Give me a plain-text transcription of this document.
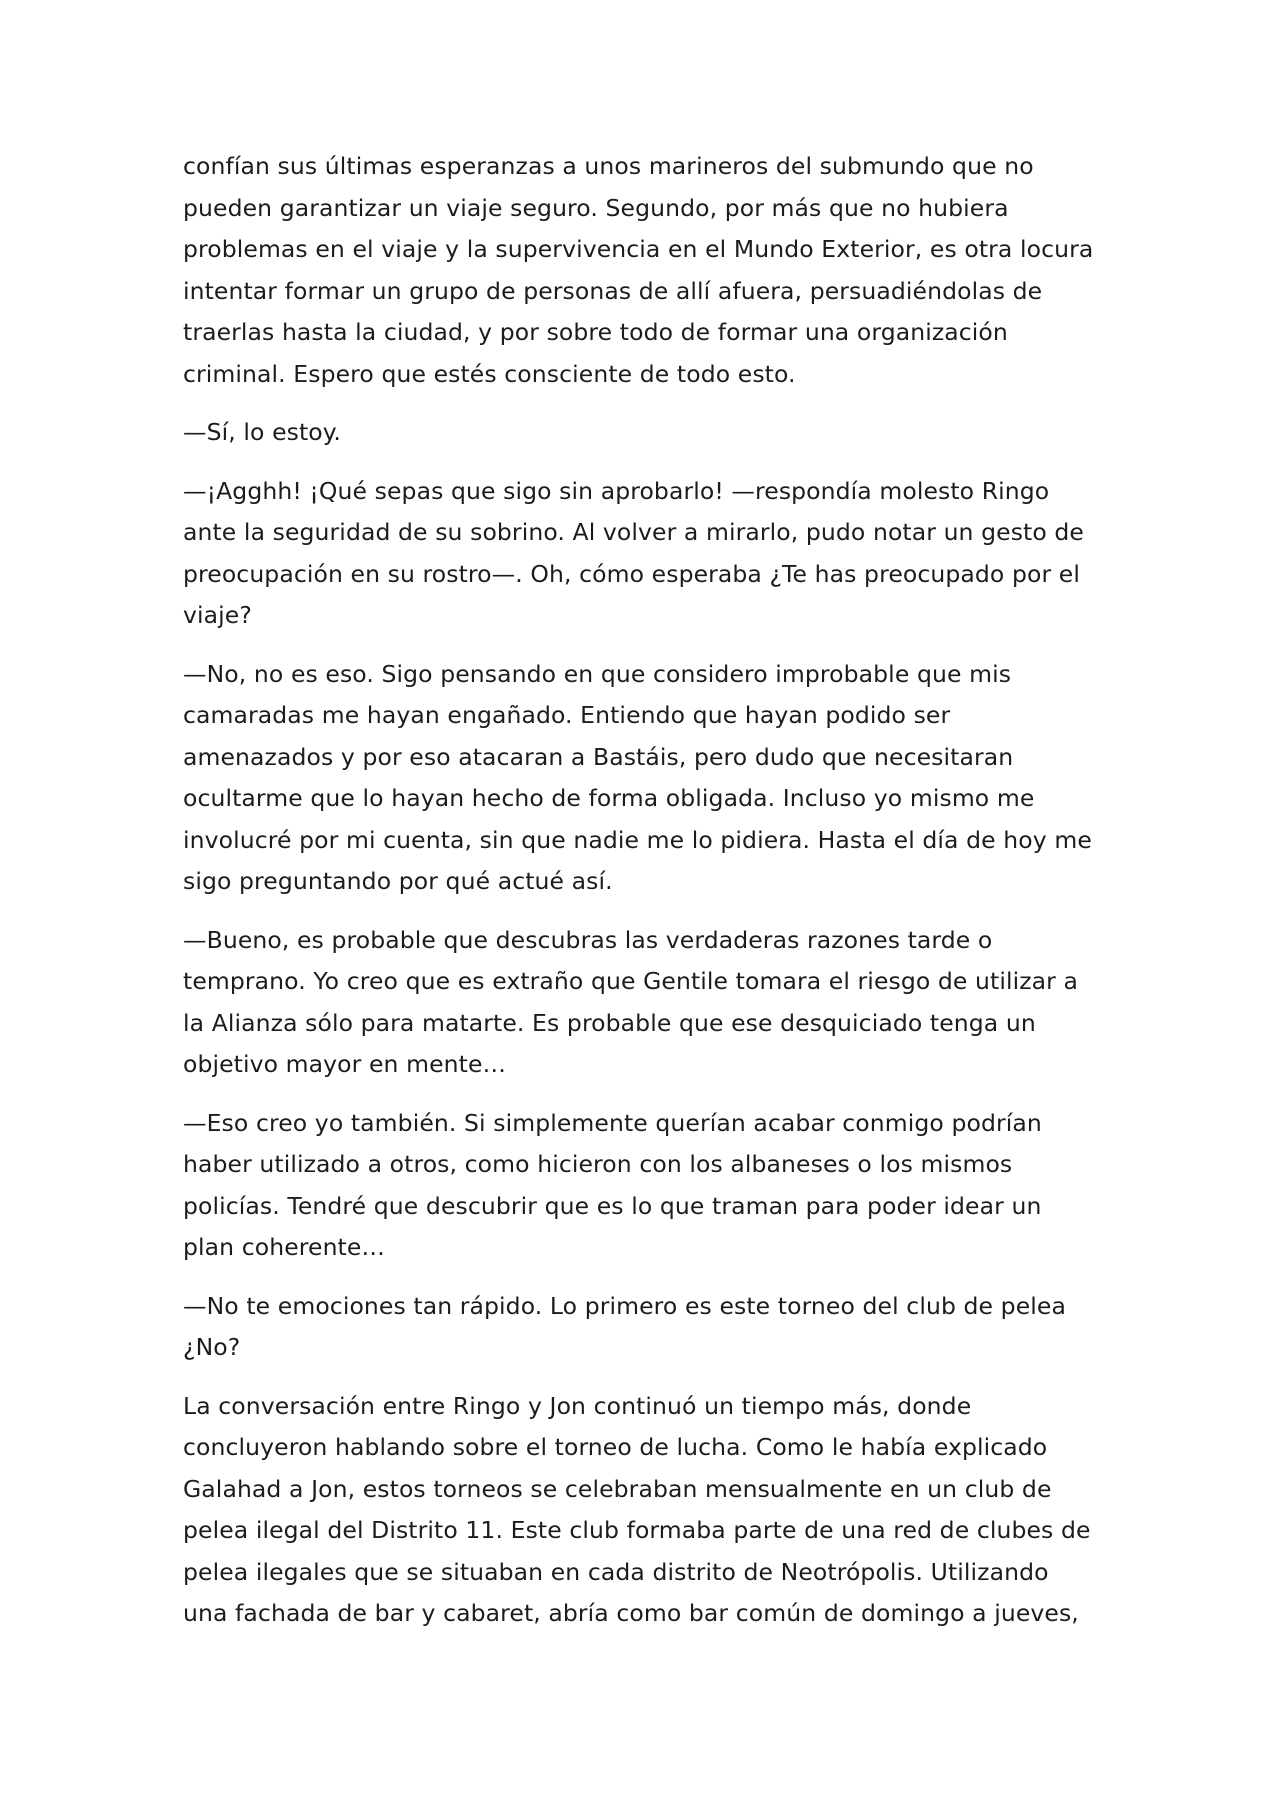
confían sus últimas esperanzas a unos marineros del submundo que no
pueden garantizar un viaje seguro. Segundo, por más que no hubiera
problemas en el viaje y la supervivencia en el Mundo Exterior, es otra locura
intentar formar un grupo de personas de allí afuera, persuadiéndolas de
traerlas hasta la ciudad, y por sobre todo de formar una organización
criminal. Espero que estés consciente de todo esto.

—Sí, lo estoy.

—¡Agghh! ¡Qué sepas que sigo sin aprobarlo! —respondía molesto Ringo
ante la seguridad de su sobrino. Al volver a mirarlo, pudo notar un gesto de
preocupación en su rostro—. Oh, cómo esperaba ¿Te has preocupado por el
viaje?

—No, no es eso. Sigo pensando en que considero improbable que mis
camaradas me hayan engañado. Entiendo que hayan podido ser
amenazados y por eso atacaran a Bastáis, pero dudo que necesitaran
ocultarme que lo hayan hecho de forma obligada. Incluso yo mismo me
involucré por mi cuenta, sin que nadie me lo pidiera. Hasta el día de hoy me
sigo preguntando por qué actué así.

—Bueno, es probable que descubras las verdaderas razones tarde o
temprano. Yo creo que es extraño que Gentile tomara el riesgo de utilizar a
la Alianza sólo para matarte. Es probable que ese desquiciado tenga un
objetivo mayor en mente…

—Eso creo yo también. Si simplemente querían acabar conmigo podrían
haber utilizado a otros, como hicieron con los albaneses o los mismos
policías. Tendré que descubrir que es lo que traman para poder idear un
plan coherente…

—No te emociones tan rápido. Lo primero es este torneo del club de pelea
¿No?

La conversación entre Ringo y Jon continuó un tiempo más, donde
concluyeron hablando sobre el torneo de lucha. Como le había explicado
Galahad a Jon, estos torneos se celebraban mensualmente en un club de
pelea ilegal del Distrito 11. Este club formaba parte de una red de clubes de
pelea ilegales que se situaban en cada distrito de Neotrópolis. Utilizando
una fachada de bar y cabaret, abría como bar común de domingo a jueves,
